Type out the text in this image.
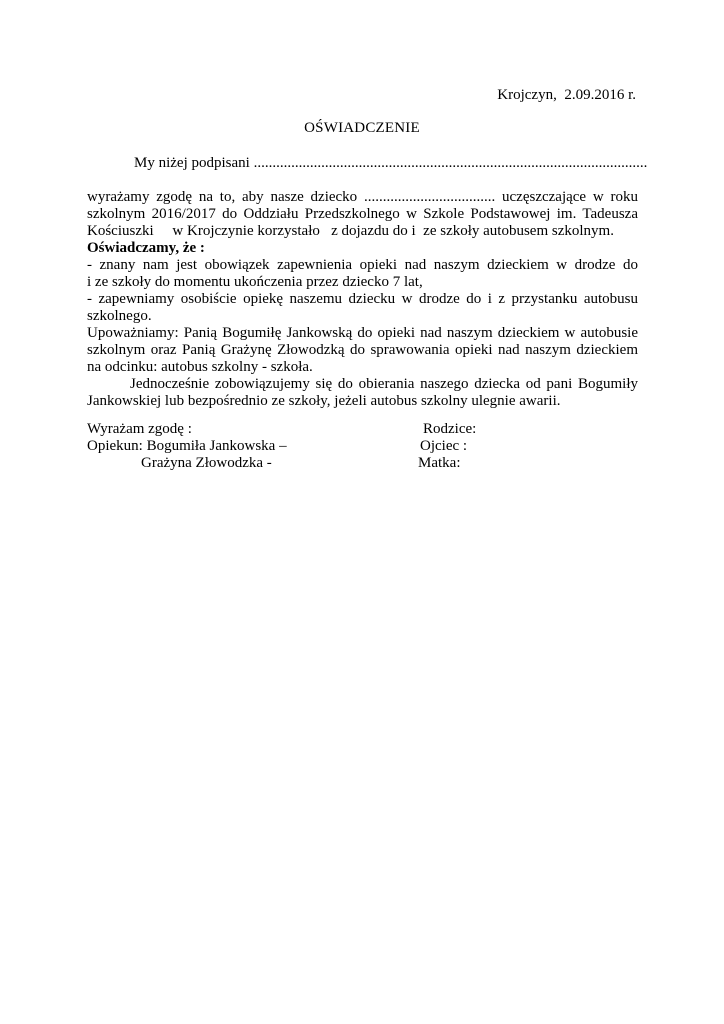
Krojczyn,  2.09.2016 r.
OŚWIADCZENIE
My niżej podpisani .........................................................................................................

wyrażamy zgodę na to, aby nasze dziecko ................................... uczęszczające w roku

szkolnym 2016/2017 do Oddziału Przedszkolnego w Szkole Podstawowej im. Tadeusza

Kościuszki     w Krojczynie korzystało   z dojazdu do i  ze szkoły autobusem szkolnym.

Oświadczamy, że :

- znany nam jest obowiązek zapewnienia opieki nad naszym dzieckiem w drodze do

i ze szkoły do momentu ukończenia przez dziecko 7 lat,

- zapewniamy osobiście opiekę naszemu dziecku w drodze do i z przystanku autobusu

szkolnego.

Upoważniamy: Panią Bogumiłę Jankowską do opieki nad naszym dzieckiem w autobusie

szkolnym oraz Panią Grażynę Złowodzką do sprawowania opieki nad naszym dzieckiem

na odcinku: autobus szkolny - szkoła.

Jednocześnie zobowiązujemy się do obierania naszego dziecka od pani Bogumiły

Jankowskiej lub bezpośrednio ze szkoły, jeżeli autobus szkolny ulegnie awarii.

Wyrażam zgodę :
Opiekun: Bogumiła Jankowska –
Grażyna Złowodzka -
Rodzice:
Ojciec :
Matka:
